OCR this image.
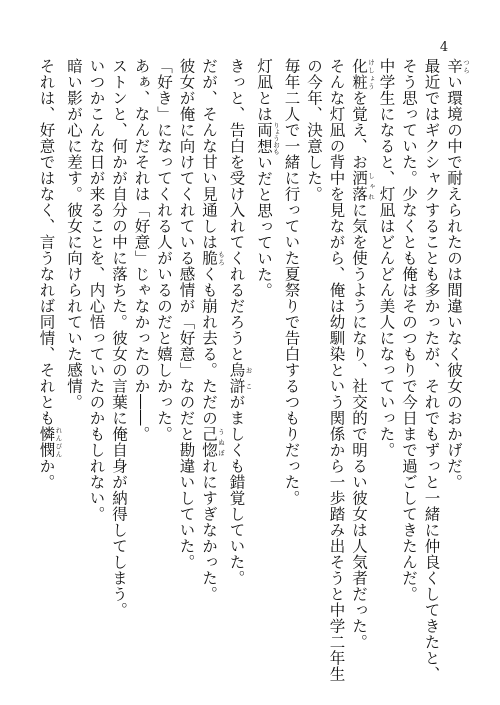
4
辛 つらい環境の中で耐えられたのは間違いなく彼女のおかげだ。
最近ではギクシャクすることも多かったが、それでもずっと一緒に仲良くしてきたと、
そう思っていた。少なくとも俺はそのつもりで今日まで過ごしてきたんだ。
中学生になると、灯凪はどんどん美人になっていった。
化粧 けしょうを覚え、お洒落 しゃれに気を使うようになり、社交的で明るい彼女は人気者だった。
そんな灯凪の背中を見ながら、俺は幼馴染という関係から一歩踏み出そうと中学二年生
の今年、決意した。
毎年二人で一緒に行っていた夏祭りで告白するつもりだった。
灯凪とは両想 りょうおもいだと思っていた。
きっと、告白を受け入れてくれるだろうと烏滸 おこがましくも錯覚していた。
だが、そんな甘い見通しは脆 もろくも崩れ去る。ただの己惚 うぬぼれにすぎなかった。
彼女が俺に向けてくれている感情が「好意」なのだと勘違いしていた。
「好き」になってくれる人がいるのだと嬉しかった。
あぁ、なんだそれは「好意」じゃなかったのか――。
ストンと、何かが自分の中に落ちた。彼女の言葉に俺自身が納得してしまう。
いつかこんな日が来ることを、内心悟っていたのかもしれない。
暗い影が心に差す。彼女に向けられていた感情。
それは、好意ではなく、言うなれば同情、それとも憐憫 れんびんか。
